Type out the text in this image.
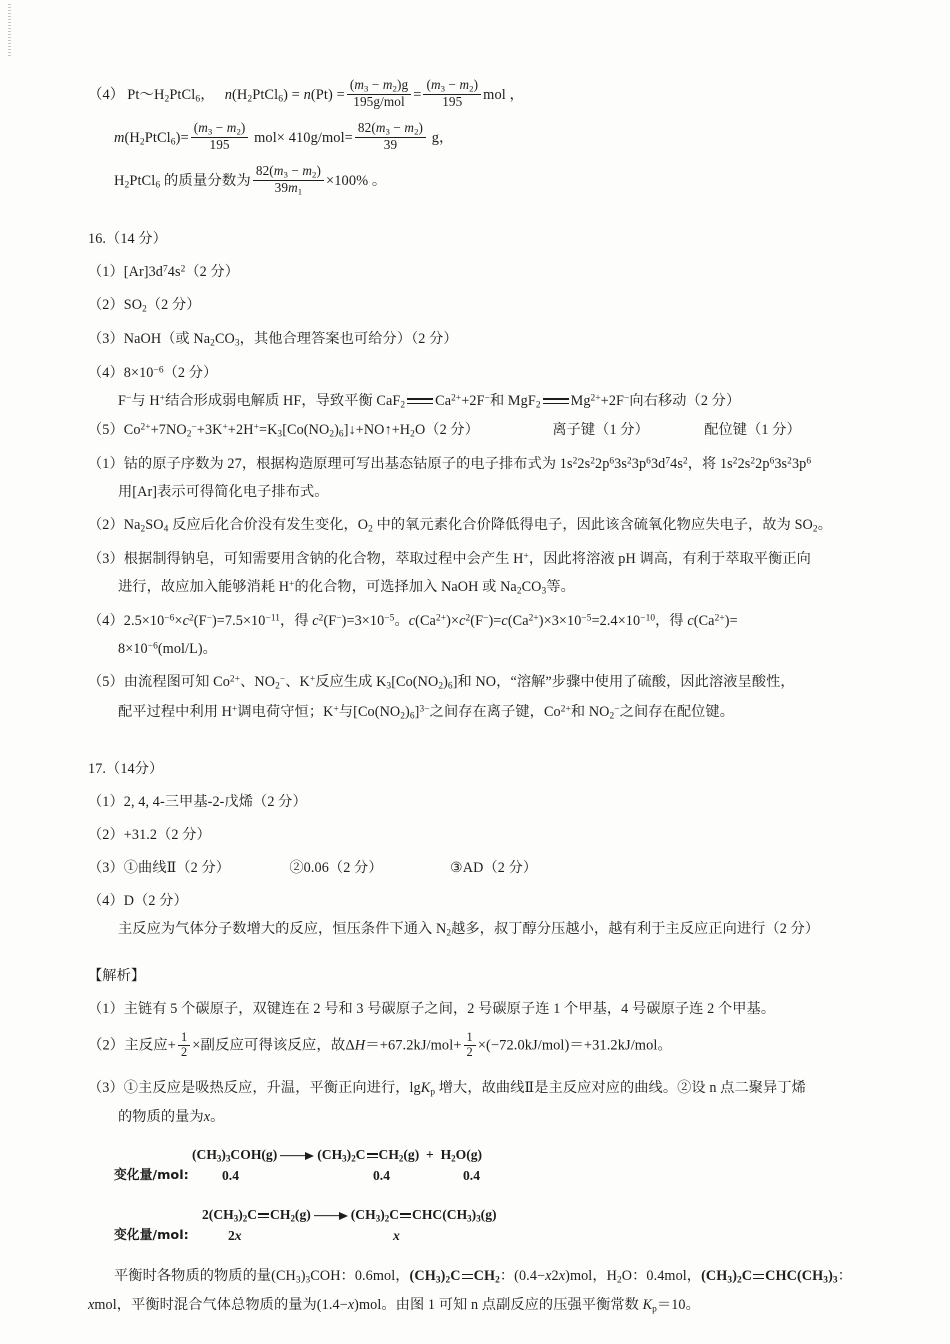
（4） $Pt\sim H_2PtCl_6$， $n(H_2PtCl_6) = n(Pt) = \frac{(m_3 - m_2)g}{\text{195g/mol}} = \frac{(m_3 - m_2)}{195}$ mol ，
$m(H_2PtCl_6)= \frac{(m_3 - m_2)}{195} mol\times 410g/mol= \frac{82(m_3 - m_2)}{39}$ g，
$H_2PtCl_6$ 的质量分数为 $\frac{82(m_3 - m_2)}{39m_1} \times 100\%$ 。
16.（14 分）
$(1)[Ar]3d^74s^2(2$ 分）
$(2)SO_2(2$ 分）
（3）NaOH（或 $Na_2CO_3$，其他合理答案也可给分）（2 分）
$(4)8\times 10^{-6}(2$ 分）
F−与 H+结合形成弱电解质 HF，导致平衡 CaF$_2$ $Ca^{2+}+2F^-$和 MgF$_2$ $Mg^{2+}+2F^-$向右移动（2 分）
$(5)Co^{2+}+7NO_2^-+3K^++2H^+=K_3[Co(NO_2)_6]↓+NO↑+H_2O(2$ 分）	离子键（1 分）	配位键（1 分）
（1）钴的原子序数为 27，根据构造原理可写出基态钴原子的电子排布式为 $1s^22s^22p^63s^23p^63d^74s^2$，将 $1s^22s^22p^63s^23p^6$
用[Ar]表示可得简化电子排布式。
$(2)Na_2SO_4$ 反应后化合价没有发生变化，$O_2$ 中的氧元素化合价降低得电子，因此该含硫氧化物应失电子，故为 $SO_2$。
（3）根据制得钠皂，可知需要用含钠的化合物，萃取过程中会产生 H+，因此将溶液 pH 调高，有利于萃取平衡正向
进行，故应加入能够消耗 H+的化合物，可选择加入 NaOH 或 $Na_2CO_3$等。
$(4)2.5\times 10^{-6}\times c^2(F^-)=7.5\times 10^{-11}$，得 $c^2(F^-)=3\times 10^{-5}$。$c(Ca^{2+})\times c^2(F^-)=c(Ca^{2+})\times 3\times 10^{-5}=2.4\times 10^{-10}$，得 $c(Ca^{2+})=$
$8\times 10^{-6}(mol/L)$。
（5）由流程图可知 $Co^{2+}$、$NO_2^-$、K+反应生成 $K_3[Co(NO_2)_6]$和 NO，“溶解”步骤中使用了硫酸，因此溶液呈酸性，
配平过程中利用 H+调电荷守恒；K+与$[Co(NO_2)_6]^{3-}$之间存在离子键，$Co^{2+}$和 $NO_2^-$之间存在配位键。
17.（14分）
（1）2, 4, 4-三甲基-2-戊烯（2 分）
（2）+31.2（2 分）
（3）①曲线Ⅱ（2 分）	②0.06（2 分）	③AD（2 分）
（4）D（2 分）
主反应为气体分子数增大的反应，恒压条件下通入 $N_2$越多，叔丁醇分压越小，越有利于主反应正向进行（2 分）
【解析】
（1）主链有 5 个碳原子，双键连在 2 号和 3 号碳原子之间，2 号碳原子连 1 个甲基，4 号碳原子连 2 个甲基。
（2）主反应+ $\frac{1}{2}$ ×副反应可得该反应，故$\Delta H=+67.2kJ/mol+ \frac{1}{2} \times(-72.0kJ/mol)=+31.2kJ/mol$。
（3）①主反应是吸热反应，升温，平衡正向进行，lgK$_p$ 增大，故曲线Ⅱ是主反应对应的曲线。②设 n 点二聚异丁烯
的物质的量为x。
$(CH_3)_3COH(g)$	$(CH_3)_2C$ $CH_2(g) + H_2O(g)$
变化量/mol: 0.4	0.4	0.4
$2(CH_3)_2C$ $CH_2(g)$	$(CH_3)_2C$ $CHC(CH_3)_3(g)$
变化量/mol:	2x	x
平衡时各物质的物质的量$(CH_3)_3COH$：0.6mol，$(CH_3)_2C$ $CH_2$：(0.4−x2x)mol，$H_2O$：0.4mol，$(CH_3)_2C$ $CHC(CH_3)_3$：
xmol，平衡时混合气体总物质的量为(1.4−x)mol。由图 1 可知 n 点副反应的压强平衡常数 $K_p=10$。
